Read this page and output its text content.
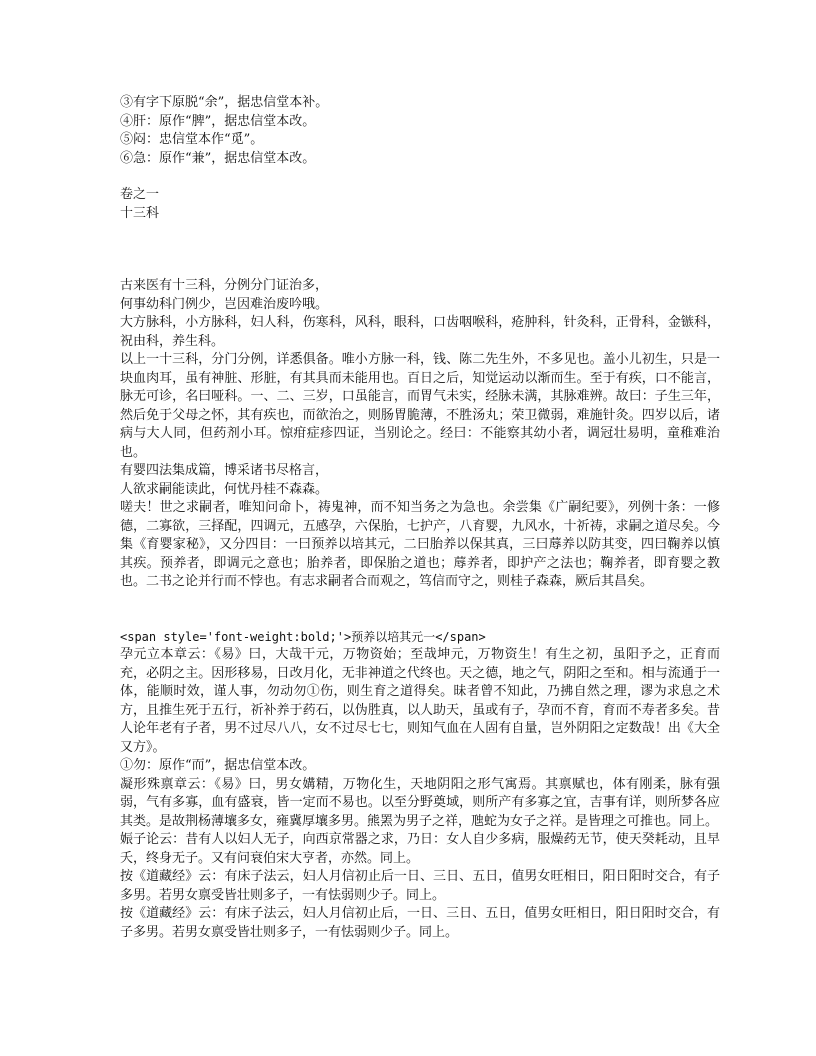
③有字下原脱“余”，据忠信堂本补。
④肝：原作“脾”，据忠信堂本改。
⑤闷：忠信堂本作“觅”。
⑥急：原作“兼”，据忠信堂本改。
卷之一
十三科
古来医有十三科，分例分门证治多，
何事幼科门例少，岂因难治废吟哦。
大方脉科，小方脉科，妇人科，伤寒科，风科，眼科，口齿咽喉科，疮肿科，针灸科，正骨科，金镞科，祝由科，养生科。
以上一十三科，分门分例，详悉俱备。唯小方脉一科，钱、陈二先生外，不多见也。盖小儿初生，只是一块血肉耳，虽有神脏、形脏，有其具而未能用也。百日之后，知觉运动以渐而生。至于有疾，口不能言，脉无可诊，名曰哑科。一、二、三岁，口虽能言，而胃气未实，经脉未满，其脉难辨。故曰：子生三年，然后免于父母之怀，其有疾也，而欲治之，则肠胃脆薄，不胜汤丸；荣卫微弱，难施针灸。四岁以后，诸病与大人同，但药剂小耳。惊疳症疹四证，当别论之。经曰：不能察其幼小者，调冠壮易明，童稚难治也。
有婴四法集成篇，博采诸书尽格言，
人欲求嗣能读此，何忧丹桂不森森。
嗟夫！世之求嗣者，唯知问命卜，祷鬼神，而不知当务之为急也。余尝集《广嗣纪要》，列例十条：一修德，二寡欲，三择配，四调元，五感孕，六保胎，七护产，八育婴，九风水，十祈祷，求嗣之道尽矣。今集《育婴家秘》，又分四目：一曰预养以培其元，二曰胎养以保其真，三曰蓐养以防其变，四曰鞠养以慎其疾。预养者，即调元之意也；胎养者，即保胎之道也；蓐养者，即护产之法也；鞠养者，即育婴之教也。二书之论并行而不悖也。有志求嗣者合而观之，笃信而守之，则桂子森森，厥后其昌矣。
<span style='font-weight:bold;'>预养以培其元一</span>
孕元立本章云：《易》曰，大哉干元，万物资始；至哉坤元，万物资生！有生之初，虽阳予之，正育而充，必阴之主。因形移易，日改月化，无非神道之代终也。天之德，地之气，阴阳之至和。相与流通于一体，能顺时效，谨人事，勿动勿①伤，则生育之道得矣。昧者曾不知此，乃拂自然之理，谬为求息之术方，且推生死于五行，祈补养于药石，以伪胜真，以人助天，虽或有子，孕而不育，育而不寿者多矣。昔人论年老有子者，男不过尽八八，女不过尽七七，则知气血在人固有自量，岂外阴阳之定数哉！出《大全又方》。
①勿：原作“而”，据忠信堂本改。
凝形殊禀章云：《易》曰，男女媾精，万物化生，天地阴阳之形气寓焉。其禀赋也，体有刚柔，脉有强弱，气有多寡，血有盛衰，皆一定而不易也。以至分野奠域，则所产有多寡之宜，吉事有详，则所梦各应其类。是故荆杨薄壤多女，雍冀厚壤多男。熊罴为男子之祥，虺蛇为女子之祥。是皆理之可推也。同上。
娠子论云：昔有人以妇人无子，向西京常器之求，乃日：女人自少多病，服燥药无节，使天癸耗动，且早夭，终身无子。又有问衰伯宋大亨者，亦然。同上。
按《道藏经》云：有床子法云，妇人月信初止后一日、三日、五日，值男女旺相日，阳日阳时交合，有子多男。若男女禀受皆壮则多子，一有怯弱则少子。同上。
按《道藏经》云：有床子法云，妇人月信初止后，一日、三日、五日，值男女旺相日，阳日阳时交合，有子多男。若男女禀受皆壮则多子，一有怯弱则少子。同上。
